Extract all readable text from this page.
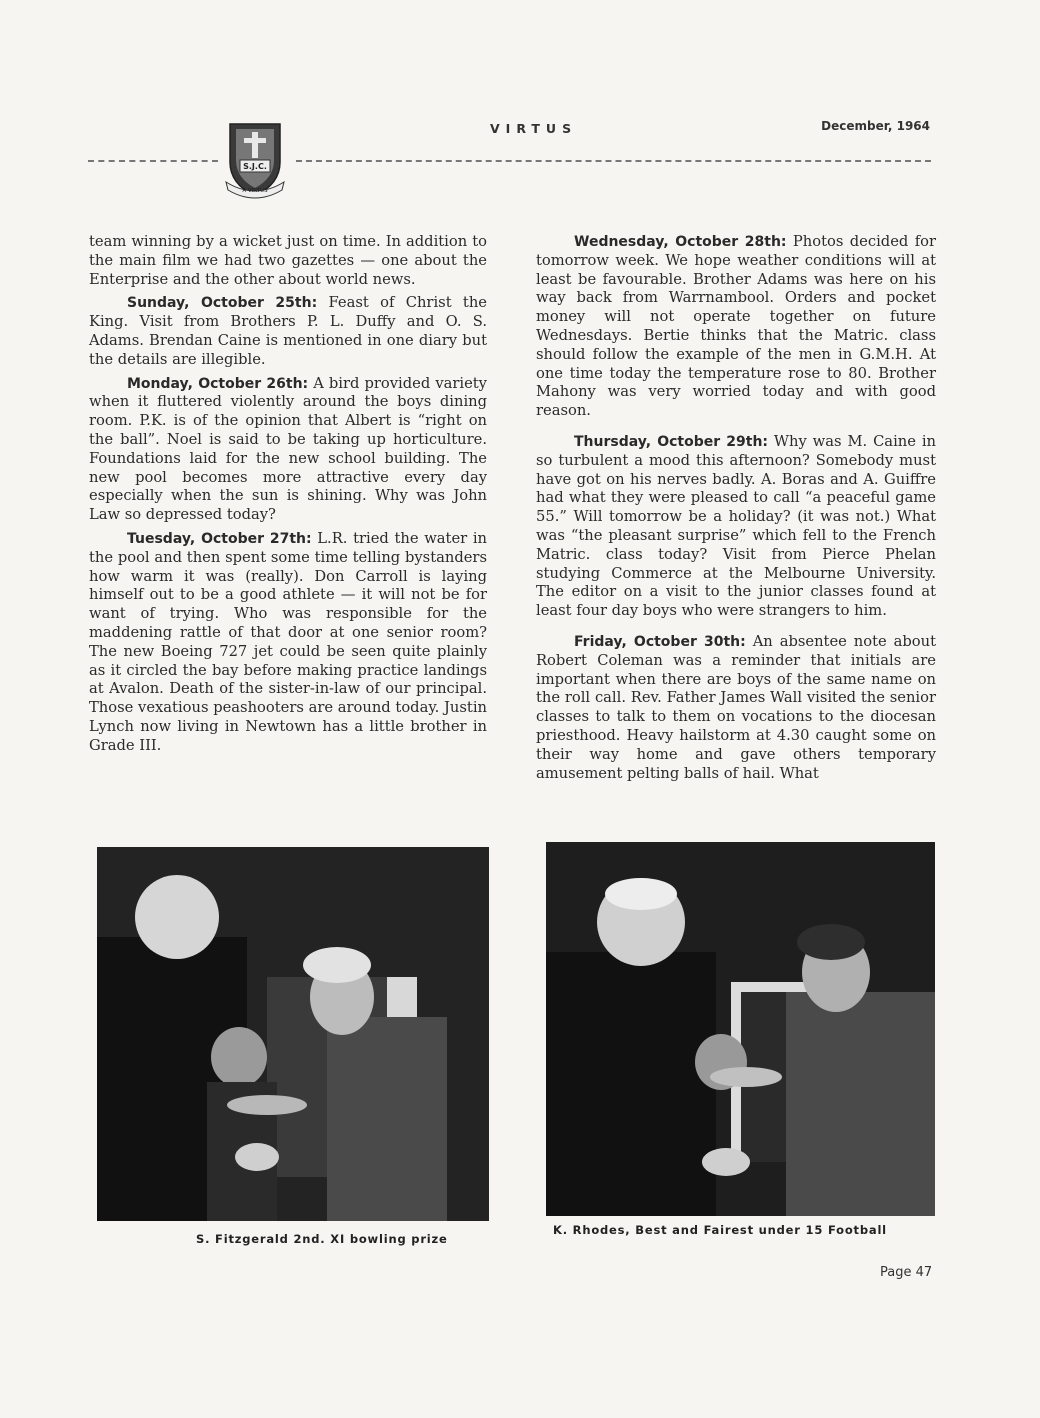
S.J.C.
A VIRTUS
VIRTUS	December, 1964

team winning by a wicket just on time. In addition to the main film we had two gazettes — one about the Enterprise and the other about world news.

Sunday, October 25th: Feast of Christ the King. Visit from Brothers P. L. Duffy and O. S. Adams. Brendan Caine is mentioned in one diary but the details are illegible.

Monday, October 26th: A bird provided variety when it fluttered violently around the boys dining room. P.K. is of the opinion that Albert is “right on the ball”. Noel is said to be taking up horticulture. Foundations laid for the new school building. The new pool becomes more attractive every day especially when the sun is shining. Why was John Law so depressed today?

Tuesday, October 27th: L.R. tried the water in the pool and then spent some time telling bystanders how warm it was (really). Don Carroll is laying himself out to be a good athlete — it will not be for want of trying. Who was responsible for the maddening rattle of that door at one senior room? The new Boeing 727 jet could be seen quite plainly as it circled the bay before making practice landings at Avalon. Death of the sister-in-law of our principal. Those vexatious peashooters are around today. Justin Lynch now living in Newtown has a little brother in Grade III.

Wednesday, October 28th: Photos decided for tomorrow week. We hope weather conditions will at least be favourable. Brother Adams was here on his way back from Warrnambool. Orders and pocket money will not operate together on future Wednesdays. Bertie thinks that the Matric. class should follow the example of the men in G.M.H. At one time today the temperature rose to 80. Brother Mahony was very worried today and with good reason.

Thursday, October 29th: Why was M. Caine in so turbulent a mood this afternoon? Somebody must have got on his nerves badly. A. Boras and A. Guiffre had what they were pleased to call “a peaceful game 55.” Will tomorrow be a holiday? (it was not.) What was “the pleasant surprise” which fell to the French Matric. class today? Visit from Pierce Phelan studying Commerce at the Melbourne University. The editor on a visit to the junior classes found at least four day boys who were strangers to him.

Friday, October 30th: An absentee note about Robert Coleman was a reminder that initials are important when there are boys of the same name on the roll call. Rev. Father James Wall visited the senior classes to talk to them on vocations to the diocesan priesthood. Heavy hailstorm at 4.30 caught some on their way home and gave others temporary amusement pelting balls of hail. What

S. Fitzgerald 2nd. XI bowling prize
K. Rhodes, Best and Fairest under 15 Football
Page 47
